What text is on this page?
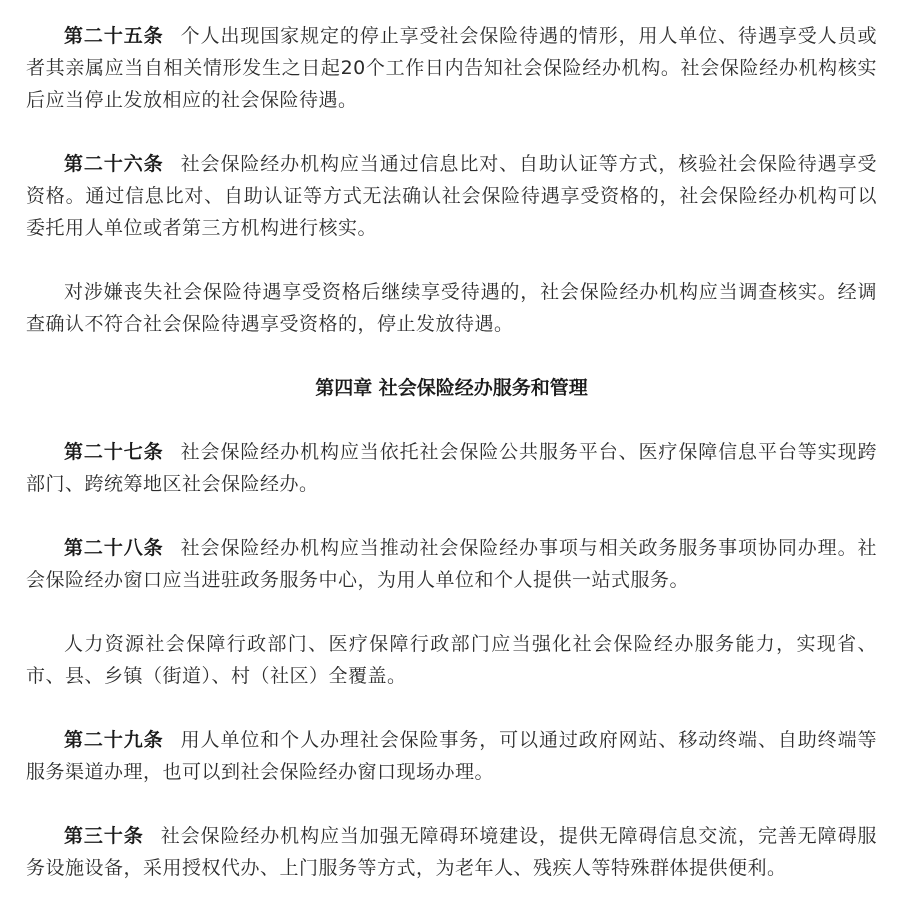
第二十五条 个人出现国家规定的停止享受社会保险待遇的情形，用人单位、待遇享受人员或者其亲属应当自相关情形发生之日起20个工作日内告知社会保险经办机构。社会保险经办机构核实后应当停止发放相应的社会保险待遇。

第二十六条 社会保险经办机构应当通过信息比对、自助认证等方式，核验社会保险待遇享受资格。通过信息比对、自助认证等方式无法确认社会保险待遇享受资格的，社会保险经办机构可以委托用人单位或者第三方机构进行核实。

对涉嫌丧失社会保险待遇享受资格后继续享受待遇的，社会保险经办机构应当调查核实。经调查确认不符合社会保险待遇享受资格的，停止发放待遇。

第四章 社会保险经办服务和管理

第二十七条 社会保险经办机构应当依托社会保险公共服务平台、医疗保障信息平台等实现跨部门、跨统筹地区社会保险经办。

第二十八条 社会保险经办机构应当推动社会保险经办事项与相关政务服务事项协同办理。社会保险经办窗口应当进驻政务服务中心，为用人单位和个人提供一站式服务。

人力资源社会保障行政部门、医疗保障行政部门应当强化社会保险经办服务能力，实现省、市、县、乡镇（街道）、村（社区）全覆盖。

第二十九条 用人单位和个人办理社会保险事务，可以通过政府网站、移动终端、自助终端等服务渠道办理，也可以到社会保险经办窗口现场办理。

第三十条 社会保险经办机构应当加强无障碍环境建设，提供无障碍信息交流，完善无障碍服务设施设备，采用授权代办、上门服务等方式，为老年人、残疾人等特殊群体提供便利。
